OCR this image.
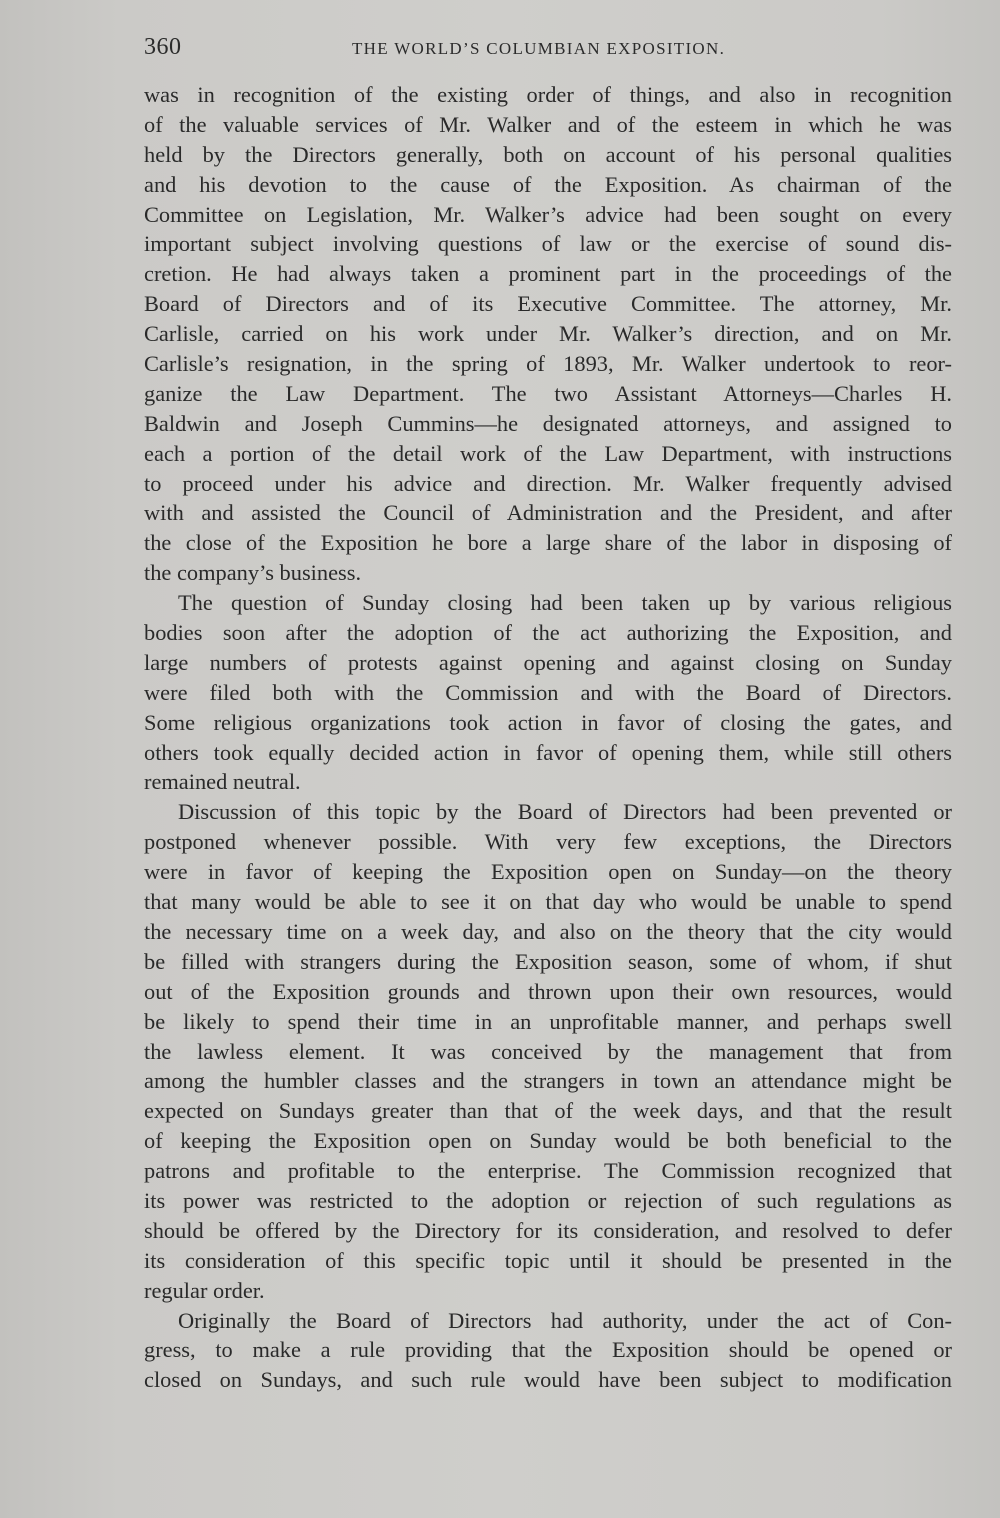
360	THE WORLD’S COLUMBIAN EXPOSITION.
was in recognition of the existing order of things, and also in recognition
of the valuable services of Mr. Walker and of the esteem in which he was
held by the Directors generally, both on account of his personal qualities
and his devotion to the cause of the Exposition. As chairman of the
Committee on Legislation, Mr. Walker’s advice had been sought on every
important subject involving questions of law or the exercise of sound dis-
cretion. He had always taken a prominent part in the proceedings of the
Board of Directors and of its Executive Committee. The attorney, Mr.
Carlisle, carried on his work under Mr. Walker’s direction, and on Mr.
Carlisle’s resignation, in the spring of 1893, Mr. Walker undertook to reor-
ganize the Law Department. The two Assistant Attorneys—Charles H.
Baldwin and Joseph Cummins—he designated attorneys, and assigned to
each a portion of the detail work of the Law Department, with instructions
to proceed under his advice and direction. Mr. Walker frequently advised
with and assisted the Council of Administration and the President, and after
the close of the Exposition he bore a large share of the labor in disposing of
the company’s business.
The question of Sunday closing had been taken up by various religious
bodies soon after the adoption of the act authorizing the Exposition, and
large numbers of protests against opening and against closing on Sunday
were filed both with the Commission and with the Board of Directors.
Some religious organizations took action in favor of closing the gates, and
others took equally decided action in favor of opening them, while still others
remained neutral.
Discussion of this topic by the Board of Directors had been prevented or
postponed whenever possible. With very few exceptions, the Directors
were in favor of keeping the Exposition open on Sunday—on the theory
that many would be able to see it on that day who would be unable to spend
the necessary time on a week day, and also on the theory that the city would
be filled with strangers during the Exposition season, some of whom, if shut
out of the Exposition grounds and thrown upon their own resources, would
be likely to spend their time in an unprofitable manner, and perhaps swell
the lawless element. It was conceived by the management that from
among the humbler classes and the strangers in town an attendance might be
expected on Sundays greater than that of the week days, and that the result
of keeping the Exposition open on Sunday would be both beneficial to the
patrons and profitable to the enterprise. The Commission recognized that
its power was restricted to the adoption or rejection of such regulations as
should be offered by the Directory for its consideration, and resolved to defer
its consideration of this specific topic until it should be presented in the
regular order.
Originally the Board of Directors had authority, under the act of Con-
gress, to make a rule providing that the Exposition should be opened or
closed on Sundays, and such rule would have been subject to modification
